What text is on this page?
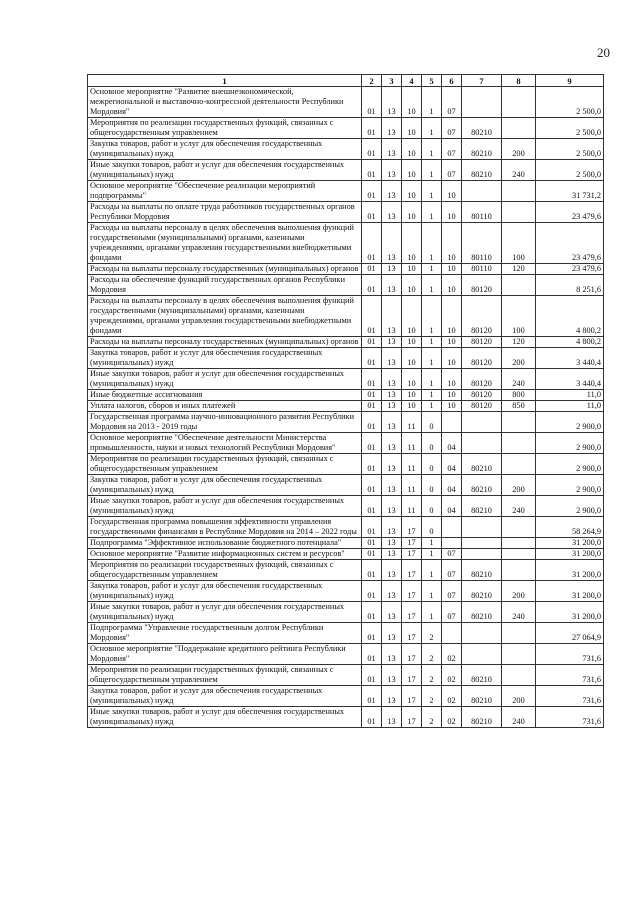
20
1	2	3	4	5	6	7	8	9
Основное мероприятие "Развитие внешнеэкономической, межрегиональной и выставочно-конгрессной деятельности Республики Мордовия"	01	13	10	1	07			2 500,0
Мероприятия по реализации государственных функций, связанных с общегосударственным управлением	01	13	10	1	07	80210		2 500,0
Закупка товаров, работ и услуг для обеспечения государственных (муниципальных) нужд	01	13	10	1	07	80210	200	2 500,0
Иные закупки товаров, работ и услуг для обеспечения государственных (муниципальных) нужд	01	13	10	1	07	80210	240	2 500,0
Основное мероприятие "Обеспечение реализации мероприятий подпрограммы"	01	13	10	1	10			31 731,2
Расходы на выплаты по оплате труда работников государственных органов Республики Мордовия	01	13	10	1	10	80110		23 479,6
Расходы на выплаты персоналу в целях обеспечения выполнения функций государственными (муниципальными) органами, казенными учреждениями, органами управления государственными внебюджетными фондами	01	13	10	1	10	80110	100	23 479,6
Расходы на выплаты персоналу государственных (муниципальных) органов	01	13	10	1	10	80110	120	23 479,6
Расходы на обеспечение функций государственных органов Республики Мордовия	01	13	10	1	10	80120		8 251,6
Расходы на выплаты персоналу в целях обеспечения выполнения функций государственными (муниципальными) органами, казенными учреждениями, органами управления государственными внебюджетными фондами	01	13	10	1	10	80120	100	4 800,2
Расходы на выплаты персоналу государственных (муниципальных) органов	01	13	10	1	10	80120	120	4 800,2
Закупка товаров, работ и услуг для обеспечения государственных (муниципальных) нужд	01	13	10	1	10	80120	200	3 440,4
Иные закупки товаров, работ и услуг для обеспечения государственных (муниципальных) нужд	01	13	10	1	10	80120	240	3 440,4
Иные бюджетные ассигнования	01	13	10	1	10	80120	800	11,0
Уплата налогов, сборов и иных платежей	01	13	10	1	10	80120	850	11,0
Государственная программа научно-инновационного развития Республики Мордовия на 2013 - 2019 годы	01	13	11	0				2 900,0
Основное мероприятие "Обеспечение деятельности Министерства промышленности, науки и новых технологий Республики Мордовия"	01	13	11	0	04			2 900,0
Мероприятия по реализации государственных функций, связанных с общегосударственным управлением	01	13	11	0	04	80210		2 900,0
Закупка товаров, работ и услуг для обеспечения государственных (муниципальных) нужд	01	13	11	0	04	80210	200	2 900,0
Иные закупки товаров, работ и услуг для обеспечения государственных (муниципальных) нужд	01	13	11	0	04	80210	240	2 900,0
Государственная программа повышения эффективности управления государственными финансами в Республике Мордовия на 2014 – 2022 годы	01	13	17	0				58 264,9
Подпрограмма "Эффективное использование бюджетного потенциала"	01	13	17	1				31 200,0
Основное мероприятие "Развитие информационных систем и ресурсов"	01	13	17	1	07			31 200,0
Мероприятия по реализации государственных функций, связанных с общегосударственным управлением	01	13	17	1	07	80210		31 200,0
Закупка товаров, работ и услуг для обеспечения государственных (муниципальных) нужд	01	13	17	1	07	80210	200	31 200,0
Иные закупки товаров, работ и услуг для обеспечения государственных (муниципальных) нужд	01	13	17	1	07	80210	240	31 200,0
Подпрограмма "Управление государственным долгом Республики Мордовия"	01	13	17	2				27 064,9
Основное мероприятие "Поддержание кредитного рейтинга Республики Мордовия"	01	13	17	2	02			731,6
Мероприятия по реализации государственных функций, связанных с общегосударственным управлением	01	13	17	2	02	80210		731,6
Закупка товаров, работ и услуг для обеспечения государственных (муниципальных) нужд	01	13	17	2	02	80210	200	731,6
Иные закупки товаров, работ и услуг для обеспечения государственных (муниципальных) нужд	01	13	17	2	02	80210	240	731,6
